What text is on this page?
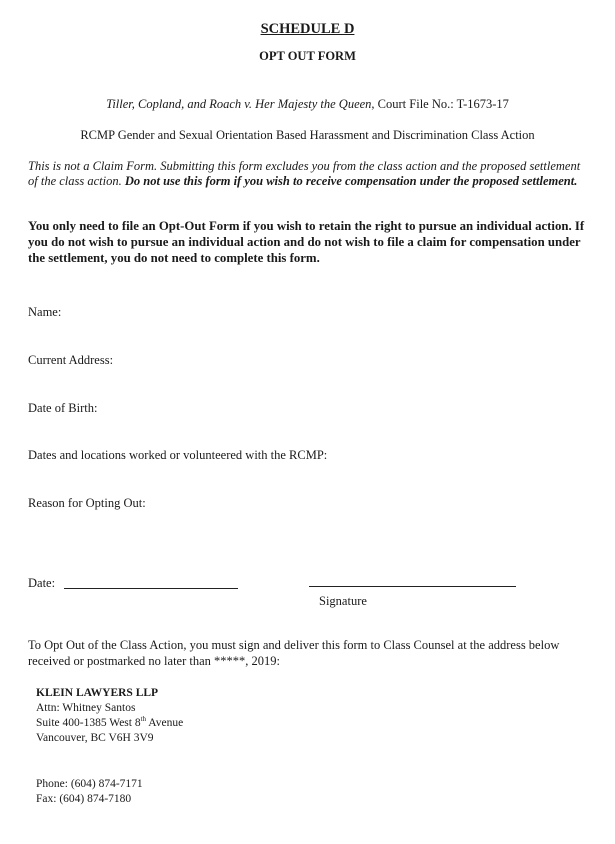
SCHEDULE D
OPT OUT FORM
Tiller, Copland, and Roach v. Her Majesty the Queen, Court File No.: T-1673-17
RCMP Gender and Sexual Orientation Based Harassment and Discrimination Class Action
This is not a Claim Form. Submitting this form excludes you from the class action and the proposed settlement of the class action. Do not use this form if you wish to receive compensation under the proposed settlement.
You only need to file an Opt-Out Form if you wish to retain the right to pursue an individual action. If you do not wish to pursue an individual action and do not wish to file a claim for compensation under the settlement, you do not need to complete this form.
Name:
Current Address:
Date of Birth:
Dates and locations worked or volunteered with the RCMP:
Reason for Opting Out:
Date:
Signature
To Opt Out of the Class Action, you must sign and deliver this form to Class Counsel at the address below received or postmarked no later than *****, 2019:
KLEIN LAWYERS LLP
Attn: Whitney Santos
Suite 400-1385 West 8th Avenue
Vancouver, BC V6H 3V9
Phone: (604) 874-7171
Fax: (604) 874-7180
